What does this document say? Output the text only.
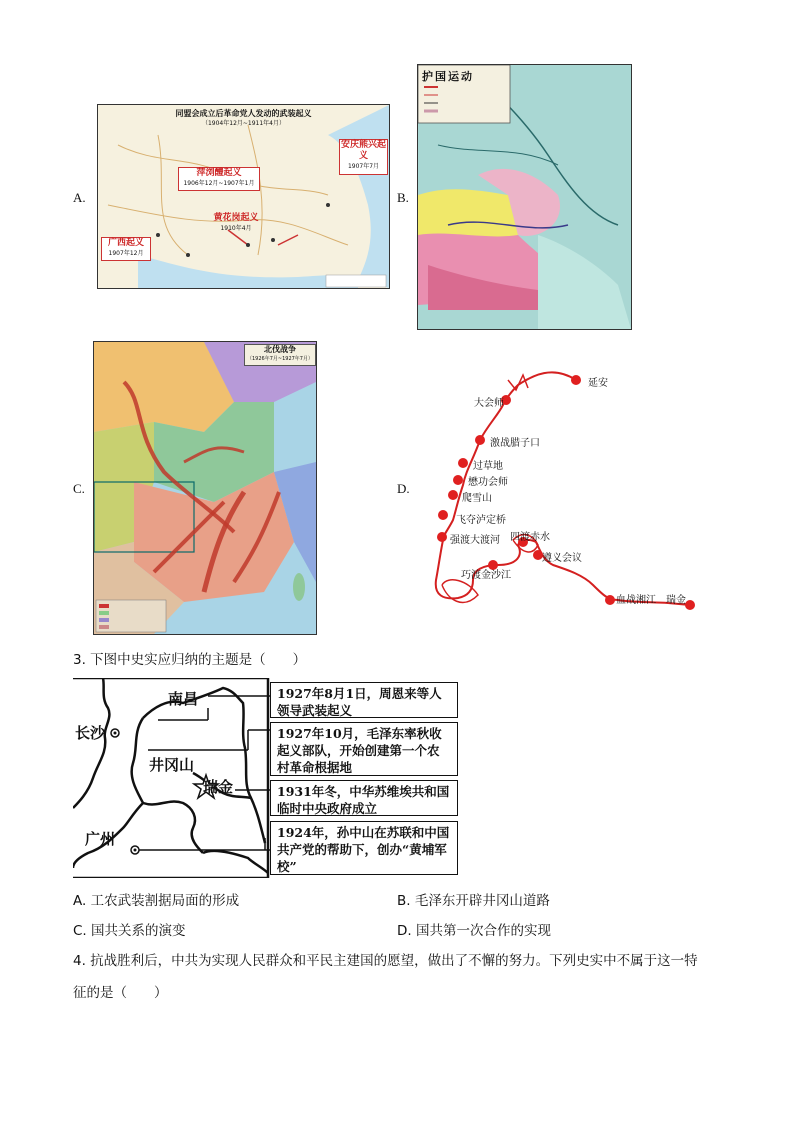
A.
同盟会成立后革命党人发动的武装起义
（1904年12月~1911年4月）
萍浏醴起义
1906年12月~1907年1月
安庆熊兴起义
1907年7月
黄花岗起义
1910年4月
广西起义
1907年12月
B.
护国运动
C.
北伐战争
（1926年7月~1927年7月）
D.
延安
大会师
激战腊子口
过草地
懋功会师
爬雪山
飞夺泸定桥
强渡大渡河 四渡赤水
遵义会议
巧渡金沙江
血战湘江 瑞金
3. 下图中史实应归纳的主题是（　　）
长沙
南昌
井冈山
瑞金
广州
1927年8月1日，周恩来等人领导武装起义
1927年10月，毛泽东率秋收起义部队，开始创建第一个农村革命根据地
1931年冬，中华苏维埃共和国临时中央政府成立
1924年，孙中山在苏联和中国共产党的帮助下，创办“黄埔军校”
A. 工农武装割据局面的形成	B. 毛泽东开辟井冈山道路
C. 国共关系的演变	D. 国共第一次合作的实现
4. 抗战胜利后，中共为实现人民群众和平民主建国的愿望，做出了不懈的努力。下列史实中不属于这一特
征的是（　　）
